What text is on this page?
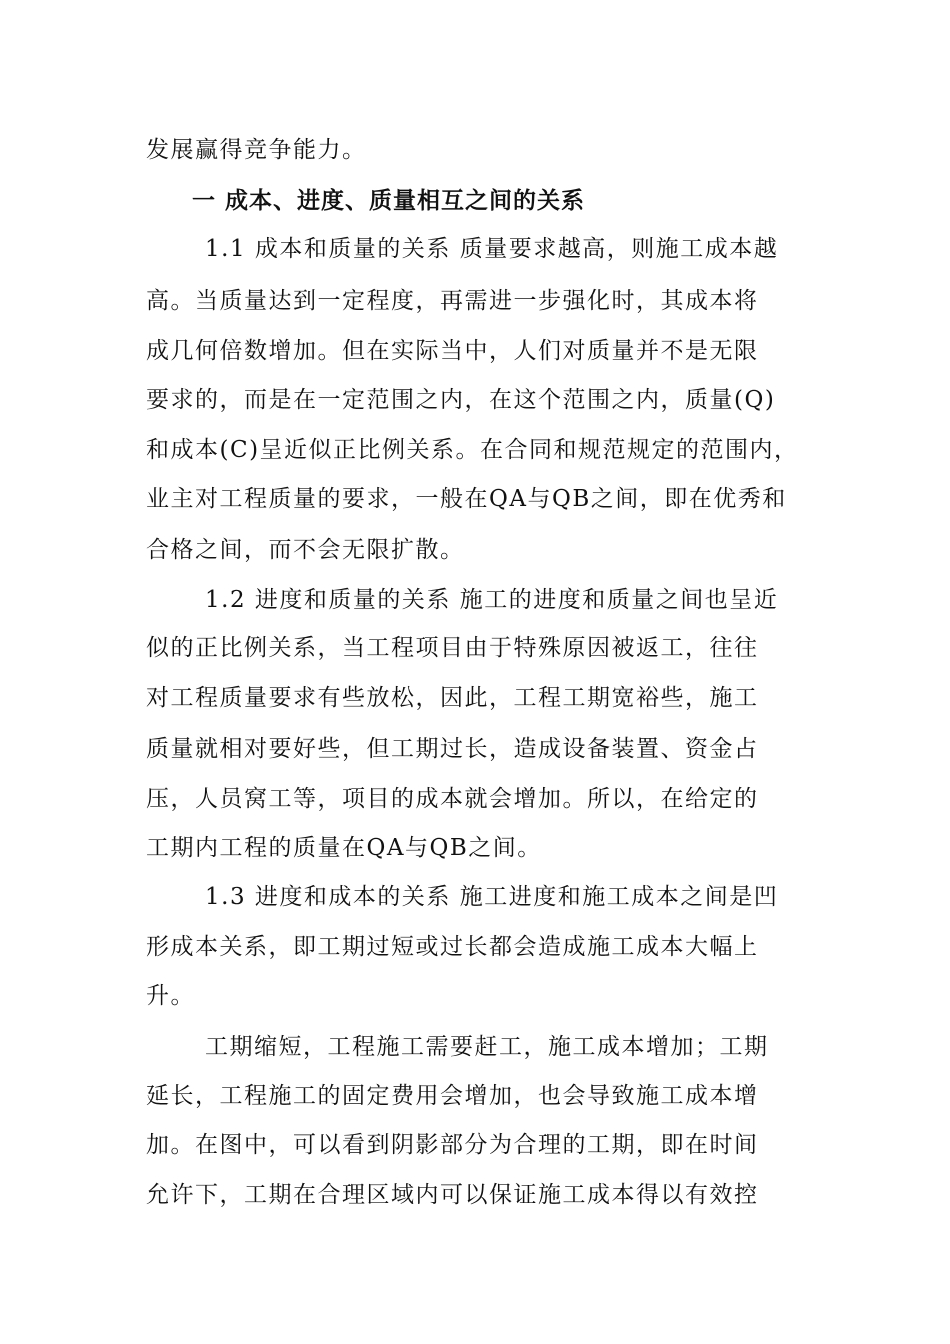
发展赢得竞争能力。
一 成本、进度、质量相互之间的关系
1.1 成本和质量的关系 质量要求越高，则施工成本越
高。当质量达到一定程度，再需进一步强化时，其成本将
成几何倍数增加。但在实际当中，人们对质量并不是无限
要求的，而是在一定范围之内，在这个范围之内，质量(Q)
和成本(C)呈近似正比例关系。在合同和规范规定的范围内，
业主对工程质量的要求，一般在QA与QB之间，即在优秀和
合格之间，而不会无限扩散。
1.2 进度和质量的关系 施工的进度和质量之间也呈近
似的正比例关系，当工程项目由于特殊原因被返工，往往
对工程质量要求有些放松，因此，工程工期宽裕些，施工
质量就相对要好些，但工期过长，造成设备装置、资金占
压，人员窝工等，项目的成本就会增加。所以，在给定的
工期内工程的质量在QA与QB之间。
1.3 进度和成本的关系 施工进度和施工成本之间是凹
形成本关系，即工期过短或过长都会造成施工成本大幅上
升。
工期缩短，工程施工需要赶工，施工成本增加；工期
延长，工程施工的固定费用会增加，也会导致施工成本增
加。在图中，可以看到阴影部分为合理的工期，即在时间
允许下，工期在合理区域内可以保证施工成本得以有效控
